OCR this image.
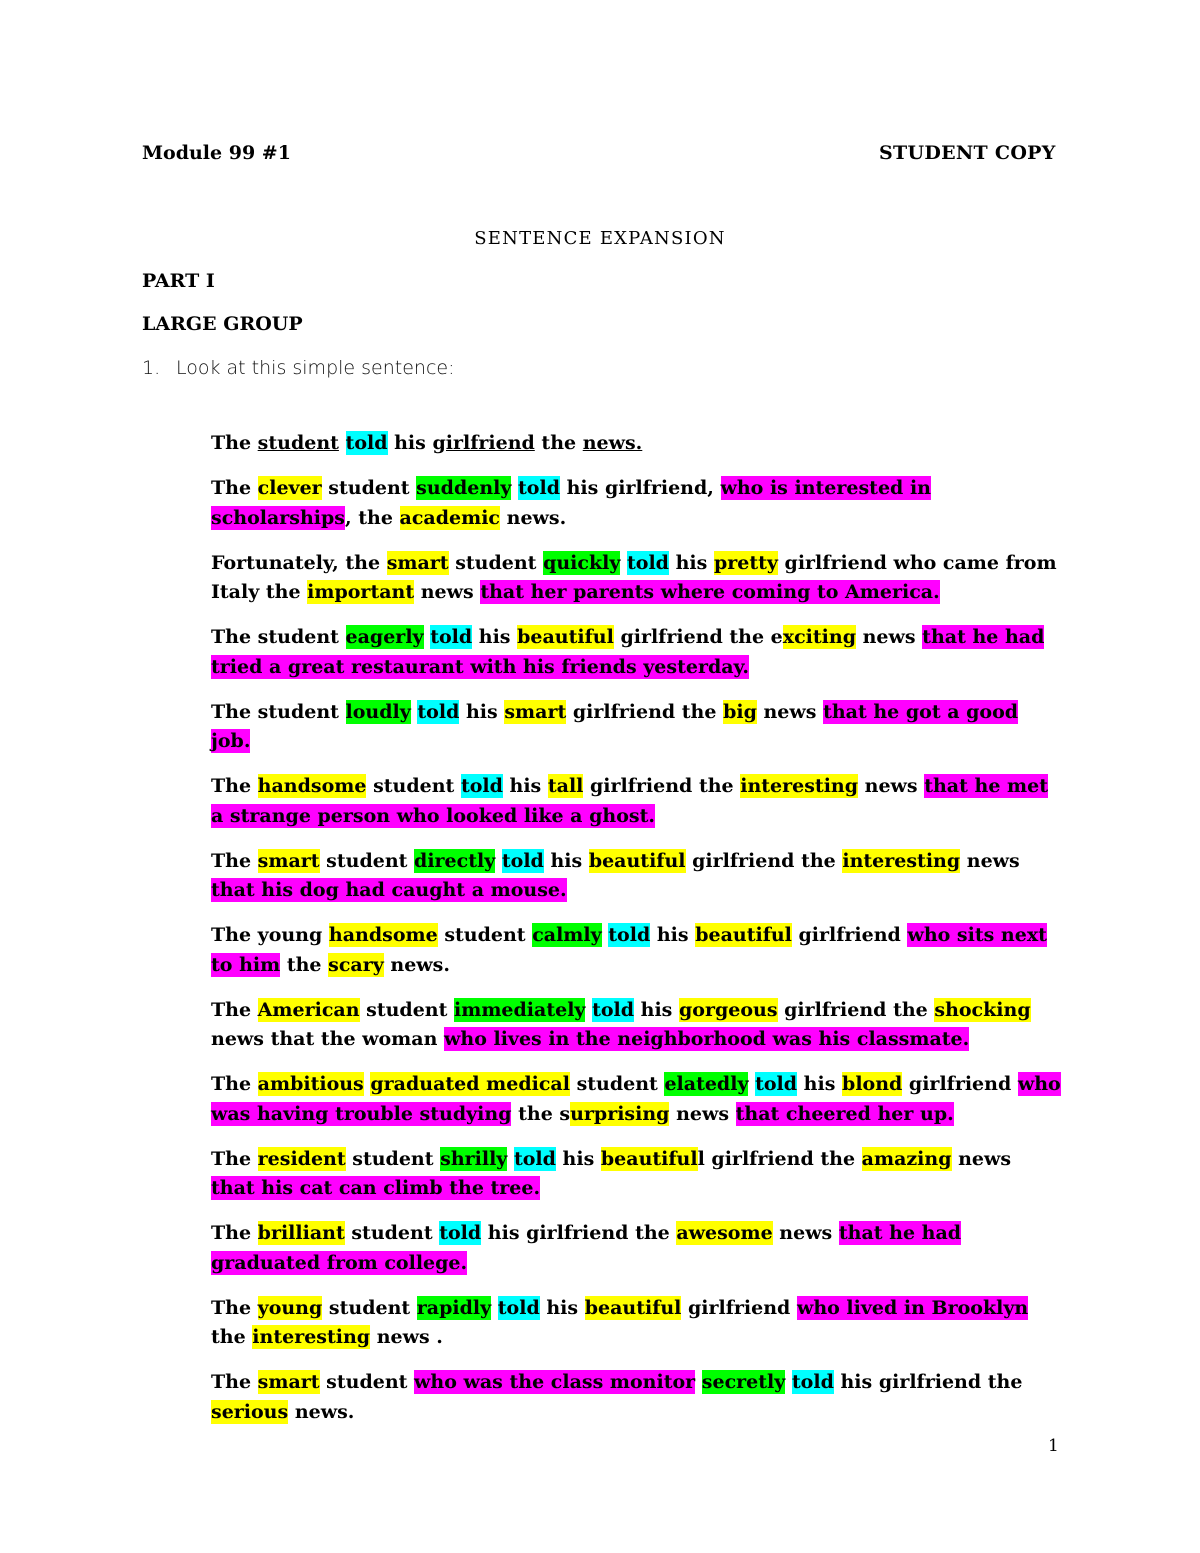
Module 99 #1	STUDENT COPY
SENTENCE EXPANSION
PART I
LARGE GROUP
1. Look at this simple sentence:

The student told his girlfriend the news.

The clever student suddenly told his girlfriend, who is interested in scholarships, the academic news.

Fortunately, the smart student quickly told his pretty girlfriend who came from Italy the important news that her parents where coming to America.

The student eagerly told his beautiful girlfriend the exciting news that he had tried a great restaurant with his friends yesterday.

The student loudly told his smart girlfriend the big news that he got a good job.

The handsome student told his tall girlfriend the interesting news that he met a strange person who looked like a ghost.

The smart student directly told his beautiful girlfriend the interesting news that his dog had caught a mouse.

The young handsome student calmly told his beautiful girlfriend who sits next to him the scary news.

The American student immediately told his gorgeous girlfriend the shocking news that the woman who lives in the neighborhood was his classmate.

The ambitious graduated medical student elatedly told his blond girlfriend who was having trouble studying the surprising news that cheered her up.

The resident student shrilly told his beautifull girlfriend the amazing news that his cat can climb the tree.

The brilliant student told his girlfriend the awesome news that he had graduated from college.

The young student rapidly told his beautiful girlfriend who lived in Brooklyn the interesting news .

The smart student who was the class monitor secretly told his girlfriend the serious news.

1
